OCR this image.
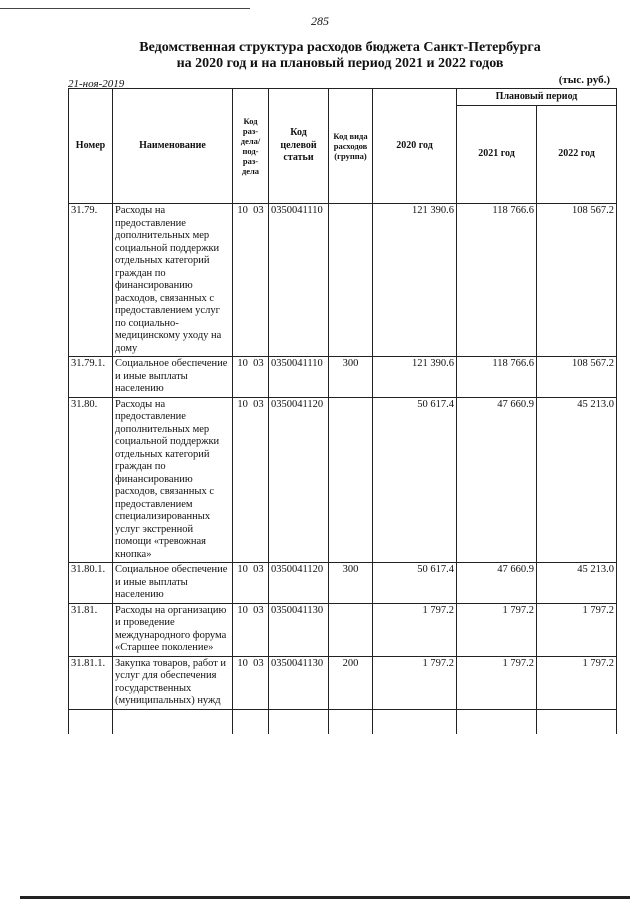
285
Ведомственная структура расходов бюджета Санкт-Петербурга
на 2020 год и на плановый период 2021 и 2022 годов
21-ноя-2019	(тыс. руб.)
Номер	Наименование	Код раз-дела/ под-раз-дела	Код целевой статьи	Код вида расходов (группа)	2020 год	Плановый период	
						2021 год	2022 год
31.79.	Расходы на предоставление дополнительных мер социальной поддержки отдельных категорий граждан по финансированию расходов, связанных с предоставлением услуг по социально-медицинскому уходу на дому	10 03	0350041110		121 390.6	118 766.6	108 567.2
31.79.1.	Социальное обеспечение и иные выплаты населению	10 03	0350041110	300	121 390.6	118 766.6	108 567.2
31.80.	Расходы на предоставление дополнительных мер социальной поддержки отдельных категорий граждан по финансированию расходов, связанных с предоставлением специализированных услуг экстренной помощи «тревожная кнопка»	10 03	0350041120		50 617.4	47 660.9	45 213.0
31.80.1.	Социальное обеспечение и иные выплаты населению	10 03	0350041120	300	50 617.4	47 660.9	45 213.0
31.81.	Расходы на организацию и проведение международного форума «Старшее поколение»	10 03	0350041130		1 797.2	1 797.2	1 797.2
31.81.1.	Закупка товаров, работ и услуг для обеспечения государственных (муниципальных) нужд	10 03	0350041130	200	1 797.2	1 797.2	1 797.2
